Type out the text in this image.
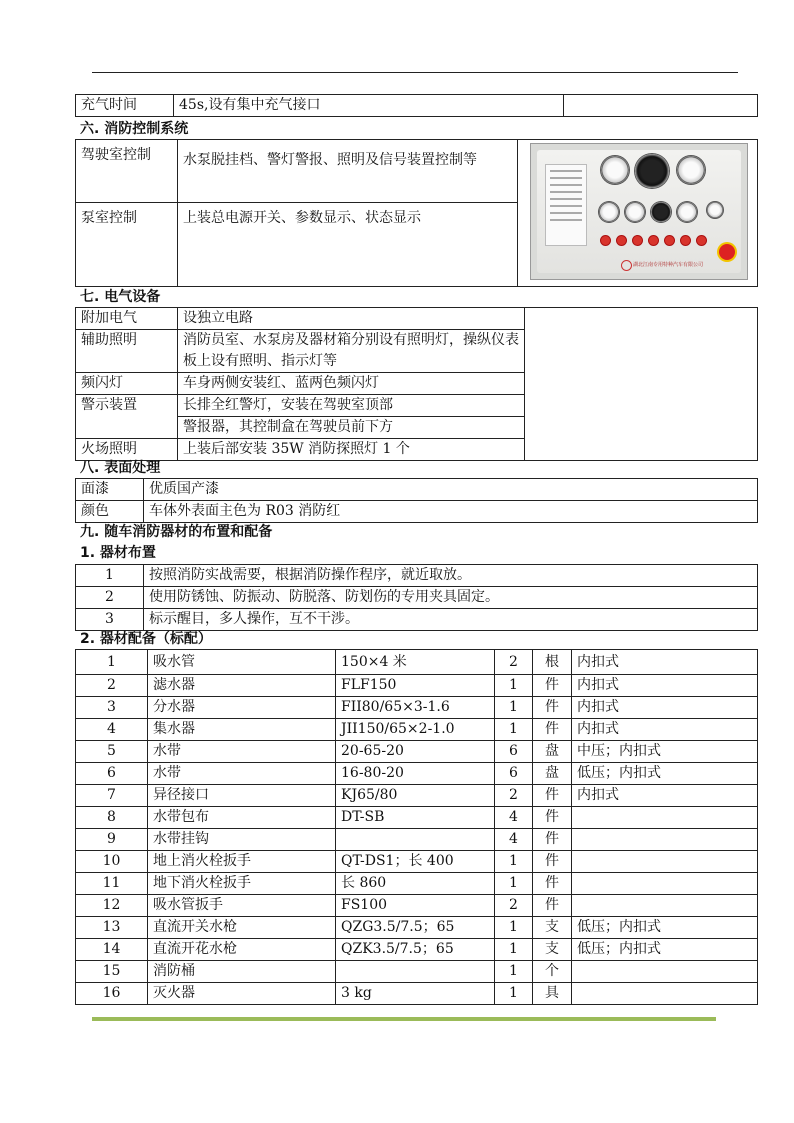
充气时间	45s,设有集中充气接口	
六. 消防控制系统
驾驶室控制	水泵脱挂档、警灯警报、照明及信号装置控制等	
泵室控制	上装总电源开关、参数显示、状态显示	
湖北江南专用特种汽车有限公司
七. 电气设备
附加电气	设独立电路	
辅助照明	消防员室、水泵房及器材箱分别设有照明灯，操纵仪表板上设有照明、指示灯等	
频闪灯	车身两侧安装红、蓝两色频闪灯	
警示装置	长排全红警灯，安装在驾驶室顶部	
	警报器，其控制盒在驾驶员前下方	
火场照明	上装后部安装 35W 消防探照灯 1 个	
八. 表面处理
面漆	优质国产漆
颜色	车体外表面主色为 R03 消防红
九. 随车消防器材的布置和配备
1. 器材布置
1	按照消防实战需要，根据消防操作程序，就近取放。
2	使用防锈蚀、防振动、防脱落、防划伤的专用夹具固定。
3	标示醒目，多人操作，互不干涉。
2. 器材配备（标配）
1	吸水管	150×4 米	2	根	内扣式
2	滤水器	FLF150	1	件	内扣式
3	分水器	FII80/65×3-1.6	1	件	内扣式
4	集水器	JII150/65×2-1.0	1	件	内扣式
5	水带	20-65-20	6	盘	中压；内扣式
6	水带	16-80-20	6	盘	低压；内扣式
7	异径接口	KJ65/80	2	件	内扣式
8	水带包布	DT-SB	4	件	
9	水带挂钩		4	件	
10	地上消火栓扳手	QT-DS1；长 400	1	件	
11	地下消火栓扳手	长 860	1	件	
12	吸水管扳手	FS100	2	件	
13	直流开关水枪	QZG3.5/7.5；65	1	支	低压；内扣式
14	直流开花水枪	QZK3.5/7.5；65	1	支	低压；内扣式
15	消防桶		1	个	
16	灭火器	3 kg	1	具	
